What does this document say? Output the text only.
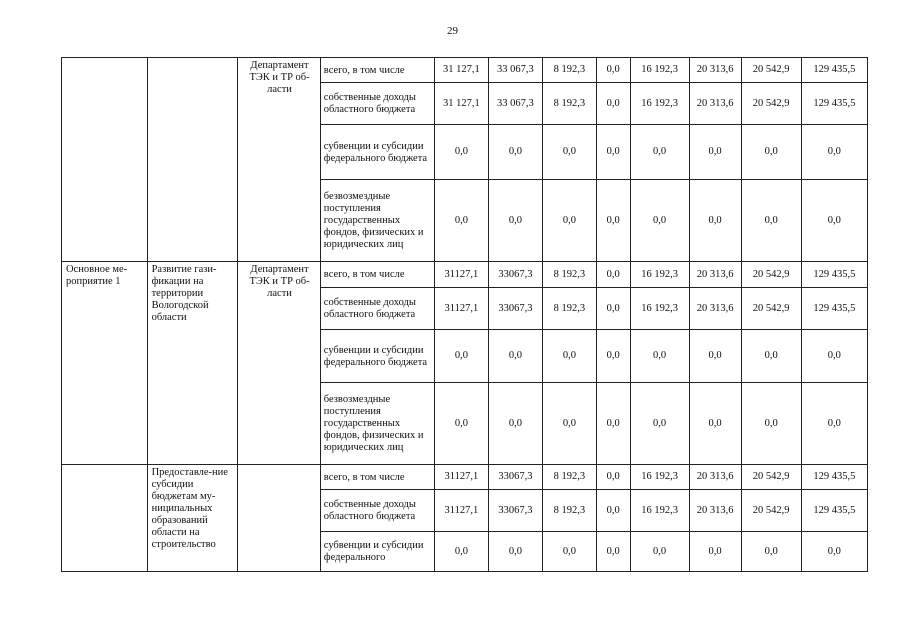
29
		Департамент ТЭК и ТР об-ласти	всего, в том числе	31 127,1	33 067,3	8 192,3	0,0	16 192,3	20 313,6	20 542,9	129 435,5
			собственные доходы областного бюджета	31 127,1	33 067,3	8 192,3	0,0	16 192,3	20 313,6	20 542,9	129 435,5
			субвенции и субсидии федерального бюджета	0,0	0,0	0,0	0,0	0,0	0,0	0,0	0,0
			безвозмездные поступления государственных фондов, физических и юридических лиц	0,0	0,0	0,0	0,0	0,0	0,0	0,0	0,0
Основное ме-роприятие 1	Развитие гази-фикации на территории Вологодской области	Департамент ТЭК и ТР об-ласти	всего, в том числе	31127,1	33067,3	8 192,3	0,0	16 192,3	20 313,6	20 542,9	129 435,5
			собственные доходы областного бюджета	31127,1	33067,3	8 192,3	0,0	16 192,3	20 313,6	20 542,9	129 435,5
			субвенции и субсидии федерального бюджета	0,0	0,0	0,0	0,0	0,0	0,0	0,0	0,0
			безвозмездные поступления государственных фондов, физических и юридических лиц	0,0	0,0	0,0	0,0	0,0	0,0	0,0	0,0
	Предоставле-ние субсидии бюджетам му-ниципальных образований области на строительство		всего, в том числе	31127,1	33067,3	8 192,3	0,0	16 192,3	20 313,6	20 542,9	129 435,5
			собственные доходы областного бюджета	31127,1	33067,3	8 192,3	0,0	16 192,3	20 313,6	20 542,9	129 435,5
			субвенции и субсидии федерального	0,0	0,0	0,0	0,0	0,0	0,0	0,0	0,0
